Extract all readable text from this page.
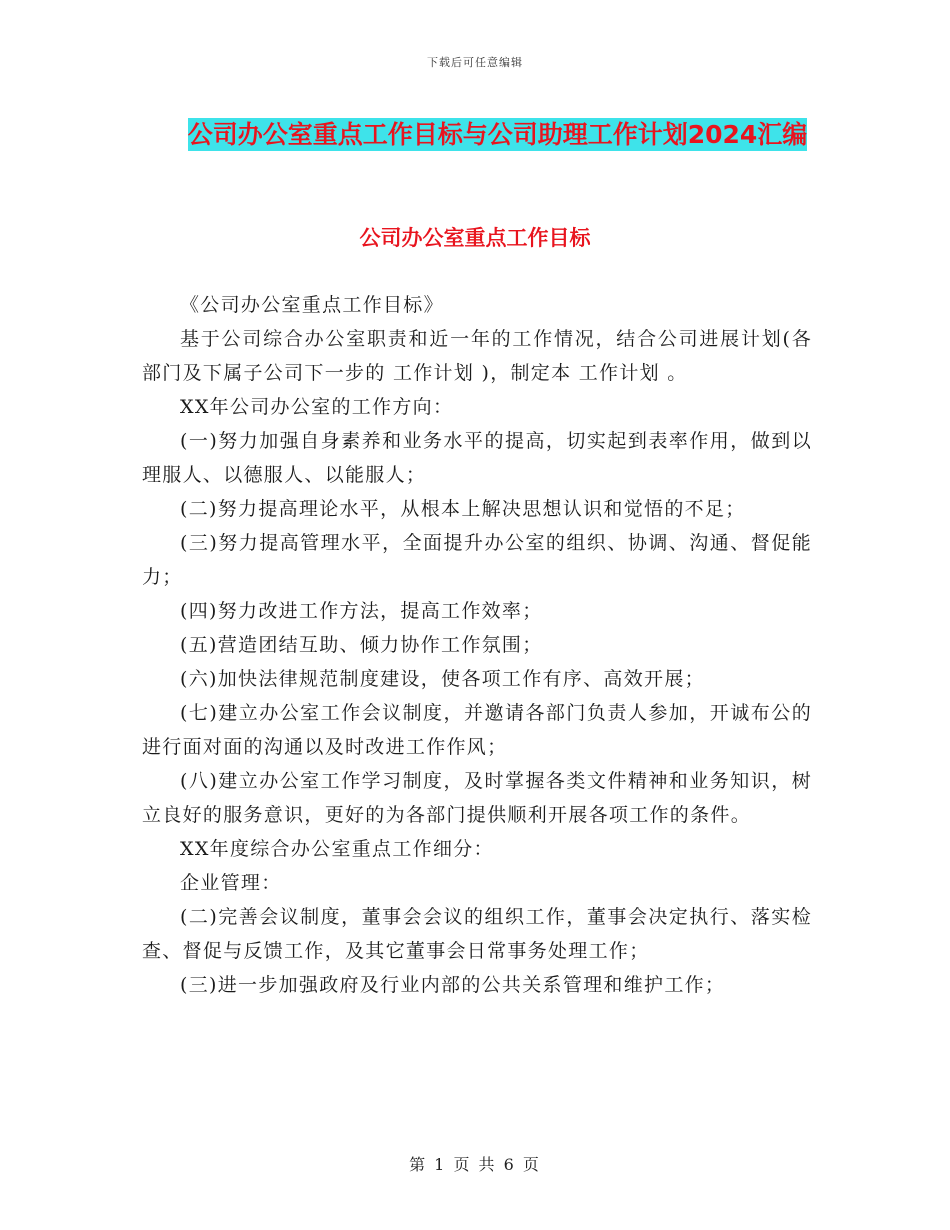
下载后可任意编辑
公司办公室重点工作目标与公司助理工作计划2024汇编
公司办公室重点工作目标

《公司办公室重点工作目标》

基于公司综合办公室职责和近一年的工作情况，结合公司进展计划(各部门及下属子公司下一步的 工作计划 )，制定本 工作计划 。

XX年公司办公室的工作方向：

(一)努力加强自身素养和业务水平的提高，切实起到表率作用，做到以理服人、以德服人、以能服人；

(二)努力提高理论水平，从根本上解决思想认识和觉悟的不足；

(三)努力提高管理水平，全面提升办公室的组织、协调、沟通、督促能力；

(四)努力改进工作方法，提高工作效率；

(五)营造团结互助、倾力协作工作氛围；

(六)加快法律规范制度建设，使各项工作有序、高效开展；

(七)建立办公室工作会议制度，并邀请各部门负责人参加，开诚布公的进行面对面的沟通以及时改进工作作风；

(八)建立办公室工作学习制度，及时掌握各类文件精神和业务知识，树立良好的服务意识，更好的为各部门提供顺利开展各项工作的条件。

XX年度综合办公室重点工作细分：

企业管理：

(二)完善会议制度，董事会会议的组织工作，董事会决定执行、落实检查、督促与反馈工作，及其它董事会日常事务处理工作；

(三)进一步加强政府及行业内部的公共关系管理和维护工作；

第 1 页 共 6 页
